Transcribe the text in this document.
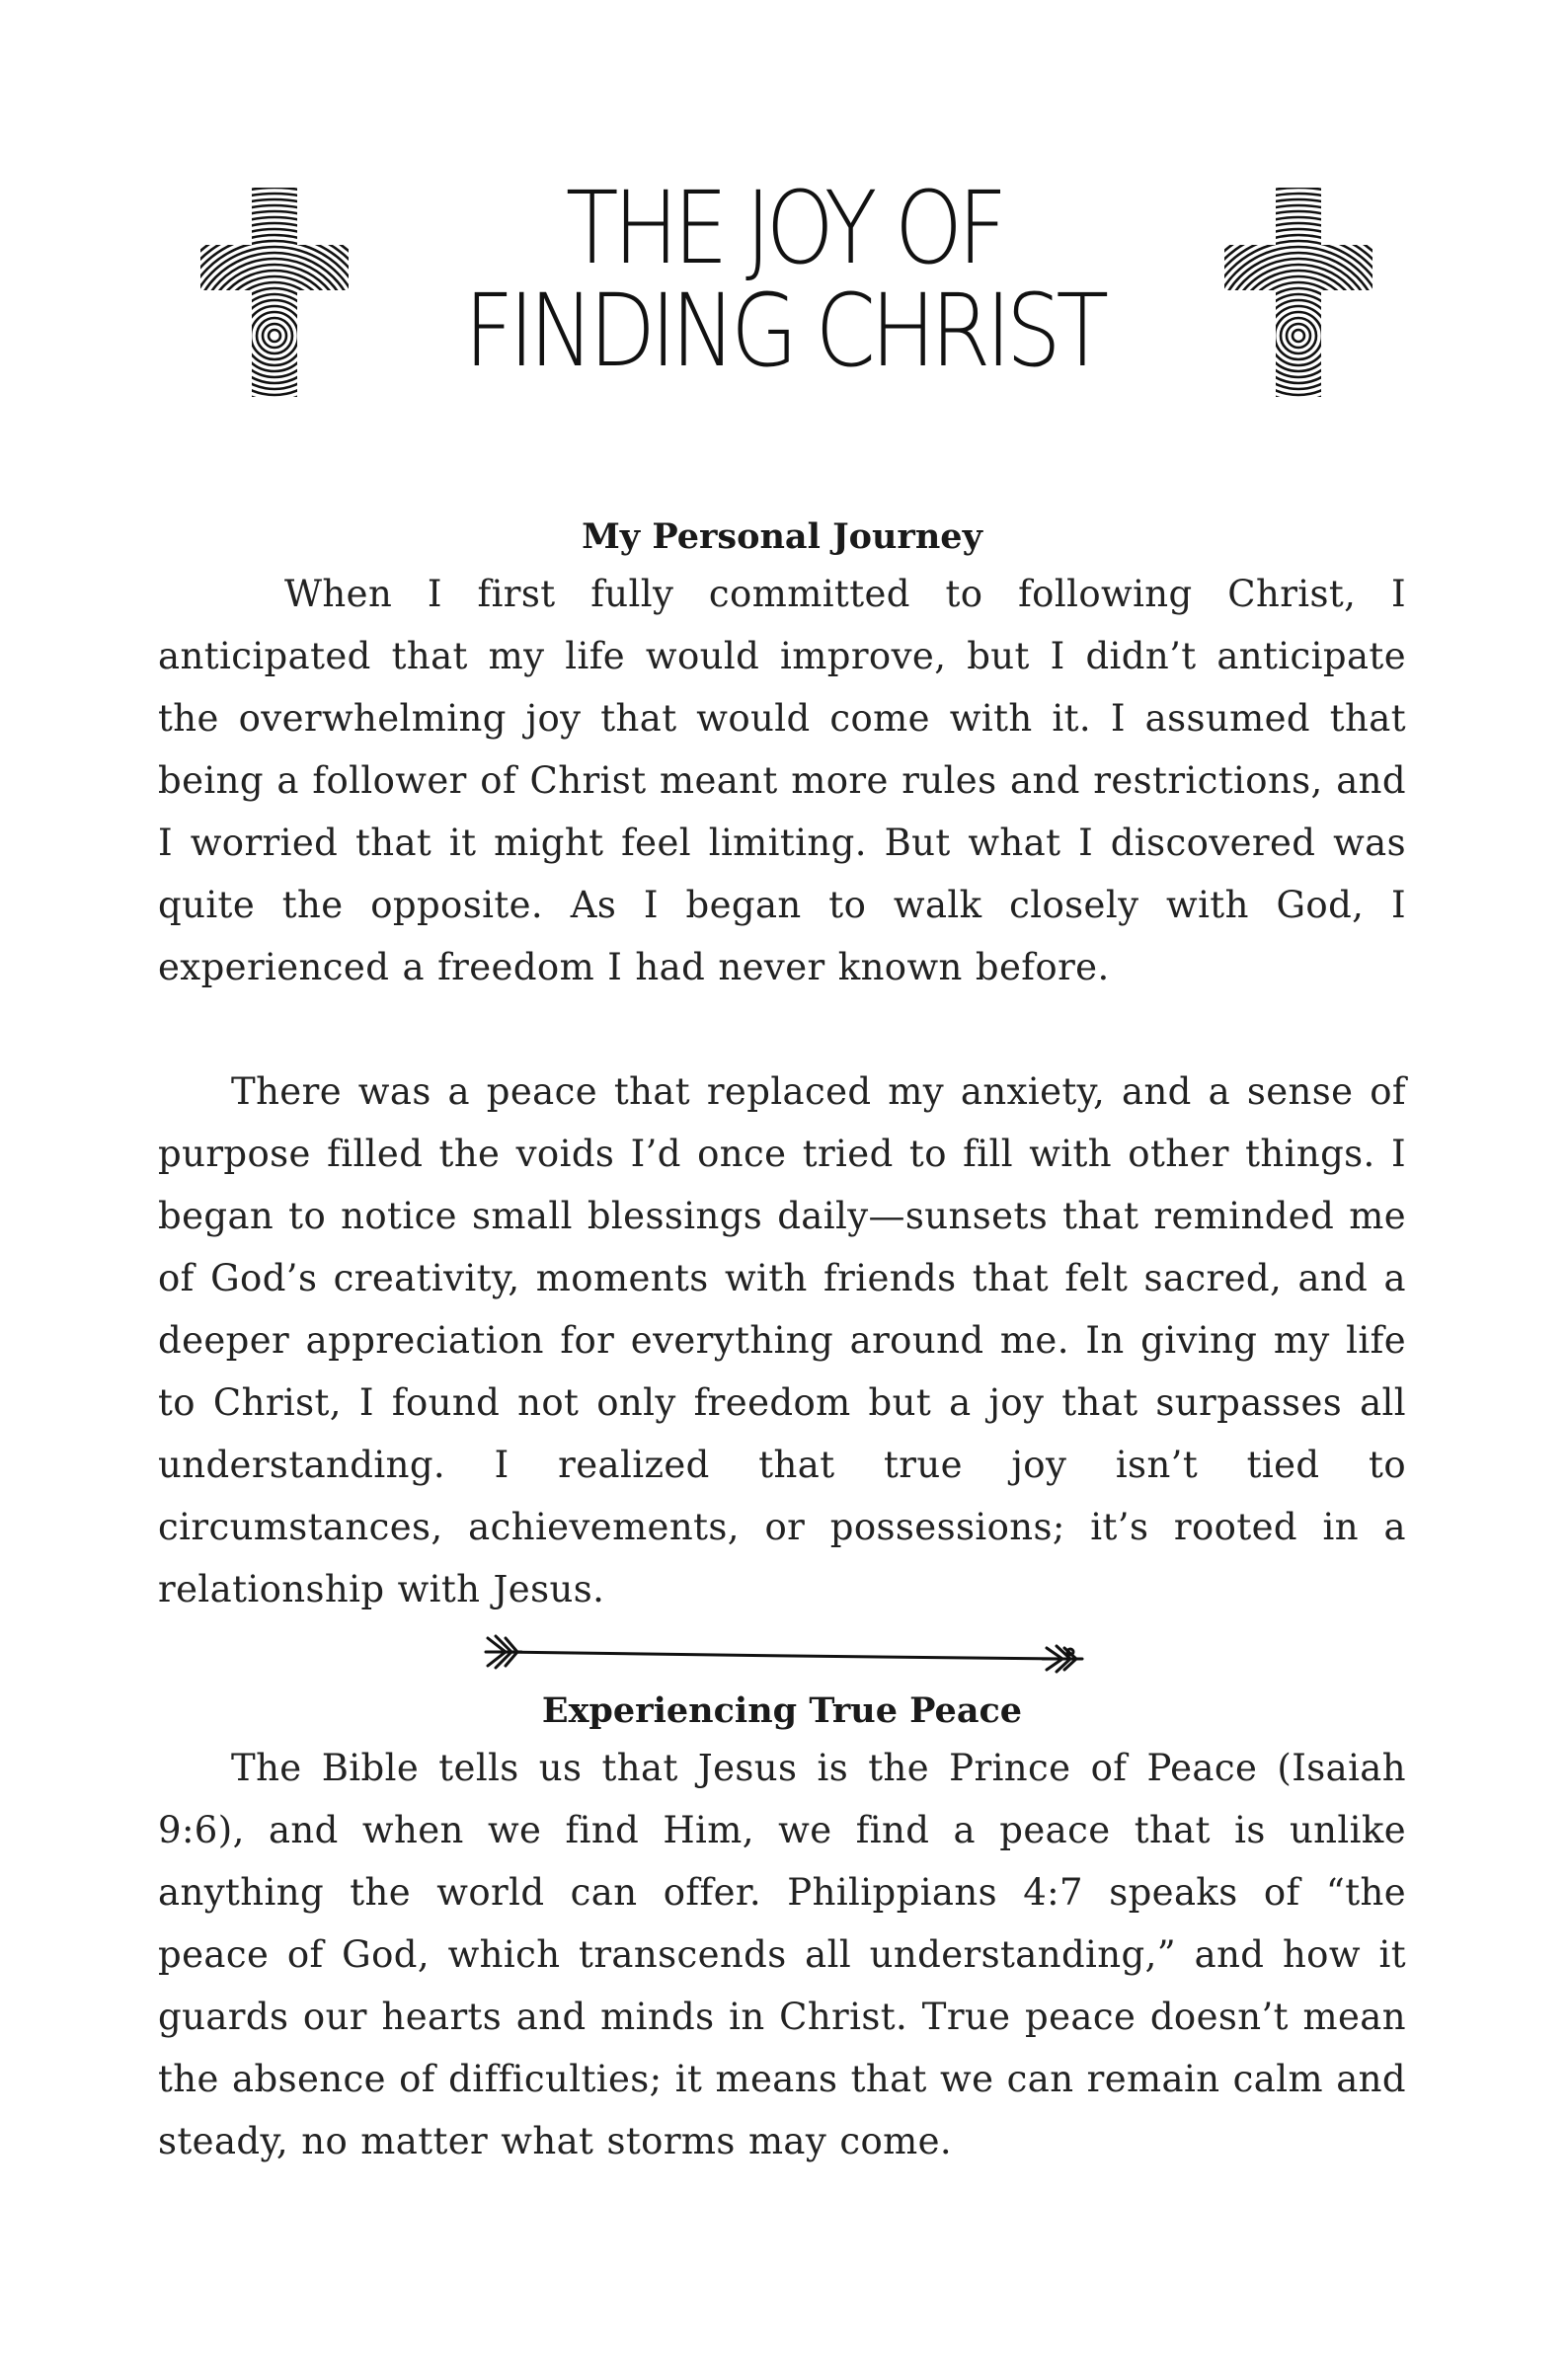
THE JOY OF
FINDING CHRIST
My Personal Journey

When I first fully committed to following Christ, I anticipated that my life would improve, but I didn’t anticipate the overwhelming joy that would come with it. I assumed that being a follower of Christ meant more rules and restrictions, and I worried that it might feel limiting. But what I discovered was quite the opposite. As I began to walk closely with God, I experienced a freedom I had never known before.

There was a peace that replaced my anxiety, and a sense of purpose filled the voids I’d once tried to fill with other things. I began to notice small blessings daily—sunsets that reminded me of God’s creativity, moments with friends that felt sacred, and a deeper appreciation for everything around me. In giving my life to Christ, I found not only freedom but a joy that surpasses all understanding. I realized that true joy isn’t tied to circumstances, achievements, or possessions; it’s rooted in a relationship with Jesus.

Experiencing True Peace

The Bible tells us that Jesus is the Prince of Peace (Isaiah 9:6), and when we find Him, we find a peace that is unlike anything the world can offer. Philippians 4:7 speaks of “the peace of God, which transcends all understanding,” and how it guards our hearts and minds in Christ. True peace doesn’t mean the absence of difficulties; it means that we can remain calm and steady, no matter what storms may come.
